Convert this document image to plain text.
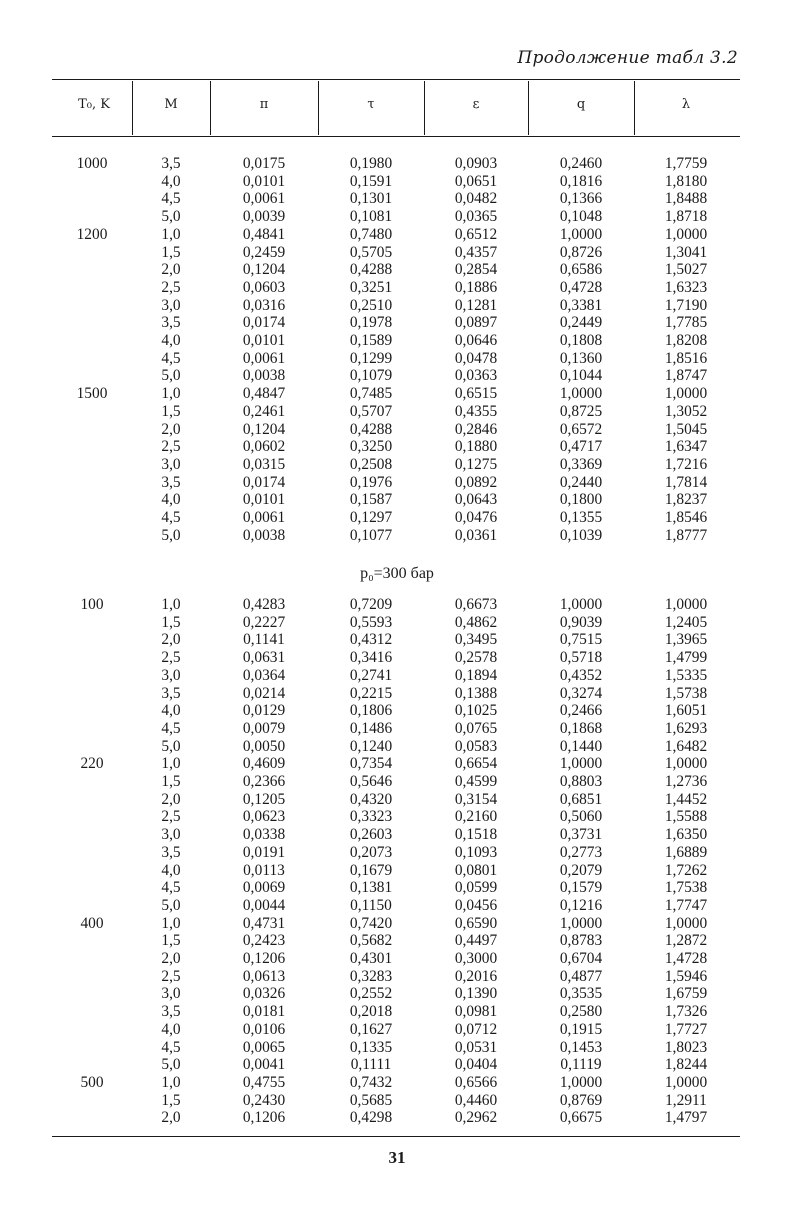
Продолжение табл 3.2
T₀, K	M	π	τ	ε	q	λ
1000	3,5	0,0175	0,1980	0,0903	0,2460	1,7759
	4,0	0,0101	0,1591	0,0651	0,1816	1,8180
	4,5	0,0061	0,1301	0,0482	0,1366	1,8488
	5,0	0,0039	0,1081	0,0365	0,1048	1,8718
1200	1,0	0,4841	0,7480	0,6512	1,0000	1,0000
	1,5	0,2459	0,5705	0,4357	0,8726	1,3041
	2,0	0,1204	0,4288	0,2854	0,6586	1,5027
	2,5	0,0603	0,3251	0,1886	0,4728	1,6323
	3,0	0,0316	0,2510	0,1281	0,3381	1,7190
	3,5	0,0174	0,1978	0,0897	0,2449	1,7785
	4,0	0,0101	0,1589	0,0646	0,1808	1,8208
	4,5	0,0061	0,1299	0,0478	0,1360	1,8516
	5,0	0,0038	0,1079	0,0363	0,1044	1,8747
1500	1,0	0,4847	0,7485	0,6515	1,0000	1,0000
	1,5	0,2461	0,5707	0,4355	0,8725	1,3052
	2,0	0,1204	0,4288	0,2846	0,6572	1,5045
	2,5	0,0602	0,3250	0,1880	0,4717	1,6347
	3,0	0,0315	0,2508	0,1275	0,3369	1,7216
	3,5	0,0174	0,1976	0,0892	0,2440	1,7814
	4,0	0,0101	0,1587	0,0643	0,1800	1,8237
	4,5	0,0061	0,1297	0,0476	0,1355	1,8546
	5,0	0,0038	0,1077	0,0361	0,1039	1,8777
p₀=300 бар
100	1,0	0,4283	0,7209	0,6673	1,0000	1,0000
	1,5	0,2227	0,5593	0,4862	0,9039	1,2405
	2,0	0,1141	0,4312	0,3495	0,7515	1,3965
	2,5	0,0631	0,3416	0,2578	0,5718	1,4799
	3,0	0,0364	0,2741	0,1894	0,4352	1,5335
	3,5	0,0214	0,2215	0,1388	0,3274	1,5738
	4,0	0,0129	0,1806	0,1025	0,2466	1,6051
	4,5	0,0079	0,1486	0,0765	0,1868	1,6293
	5,0	0,0050	0,1240	0,0583	0,1440	1,6482
220	1,0	0,4609	0,7354	0,6654	1,0000	1,0000
	1,5	0,2366	0,5646	0,4599	0,8803	1,2736
	2,0	0,1205	0,4320	0,3154	0,6851	1,4452
	2,5	0,0623	0,3323	0,2160	0,5060	1,5588
	3,0	0,0338	0,2603	0,1518	0,3731	1,6350
	3,5	0,0191	0,2073	0,1093	0,2773	1,6889
	4,0	0,0113	0,1679	0,0801	0,2079	1,7262
	4,5	0,0069	0,1381	0,0599	0,1579	1,7538
	5,0	0,0044	0,1150	0,0456	0,1216	1,7747
400	1,0	0,4731	0,7420	0,6590	1,0000	1,0000
	1,5	0,2423	0,5682	0,4497	0,8783	1,2872
	2,0	0,1206	0,4301	0,3000	0,6704	1,4728
	2,5	0,0613	0,3283	0,2016	0,4877	1,5946
	3,0	0,0326	0,2552	0,1390	0,3535	1,6759
	3,5	0,0181	0,2018	0,0981	0,2580	1,7326
	4,0	0,0106	0,1627	0,0712	0,1915	1,7727
	4,5	0,0065	0,1335	0,0531	0,1453	1,8023
	5,0	0,0041	0,1111	0,0404	0,1119	1,8244
500	1,0	0,4755	0,7432	0,6566	1,0000	1,0000
	1,5	0,2430	0,5685	0,4460	0,8769	1,2911
	2,0	0,1206	0,4298	0,2962	0,6675	1,4797
31
